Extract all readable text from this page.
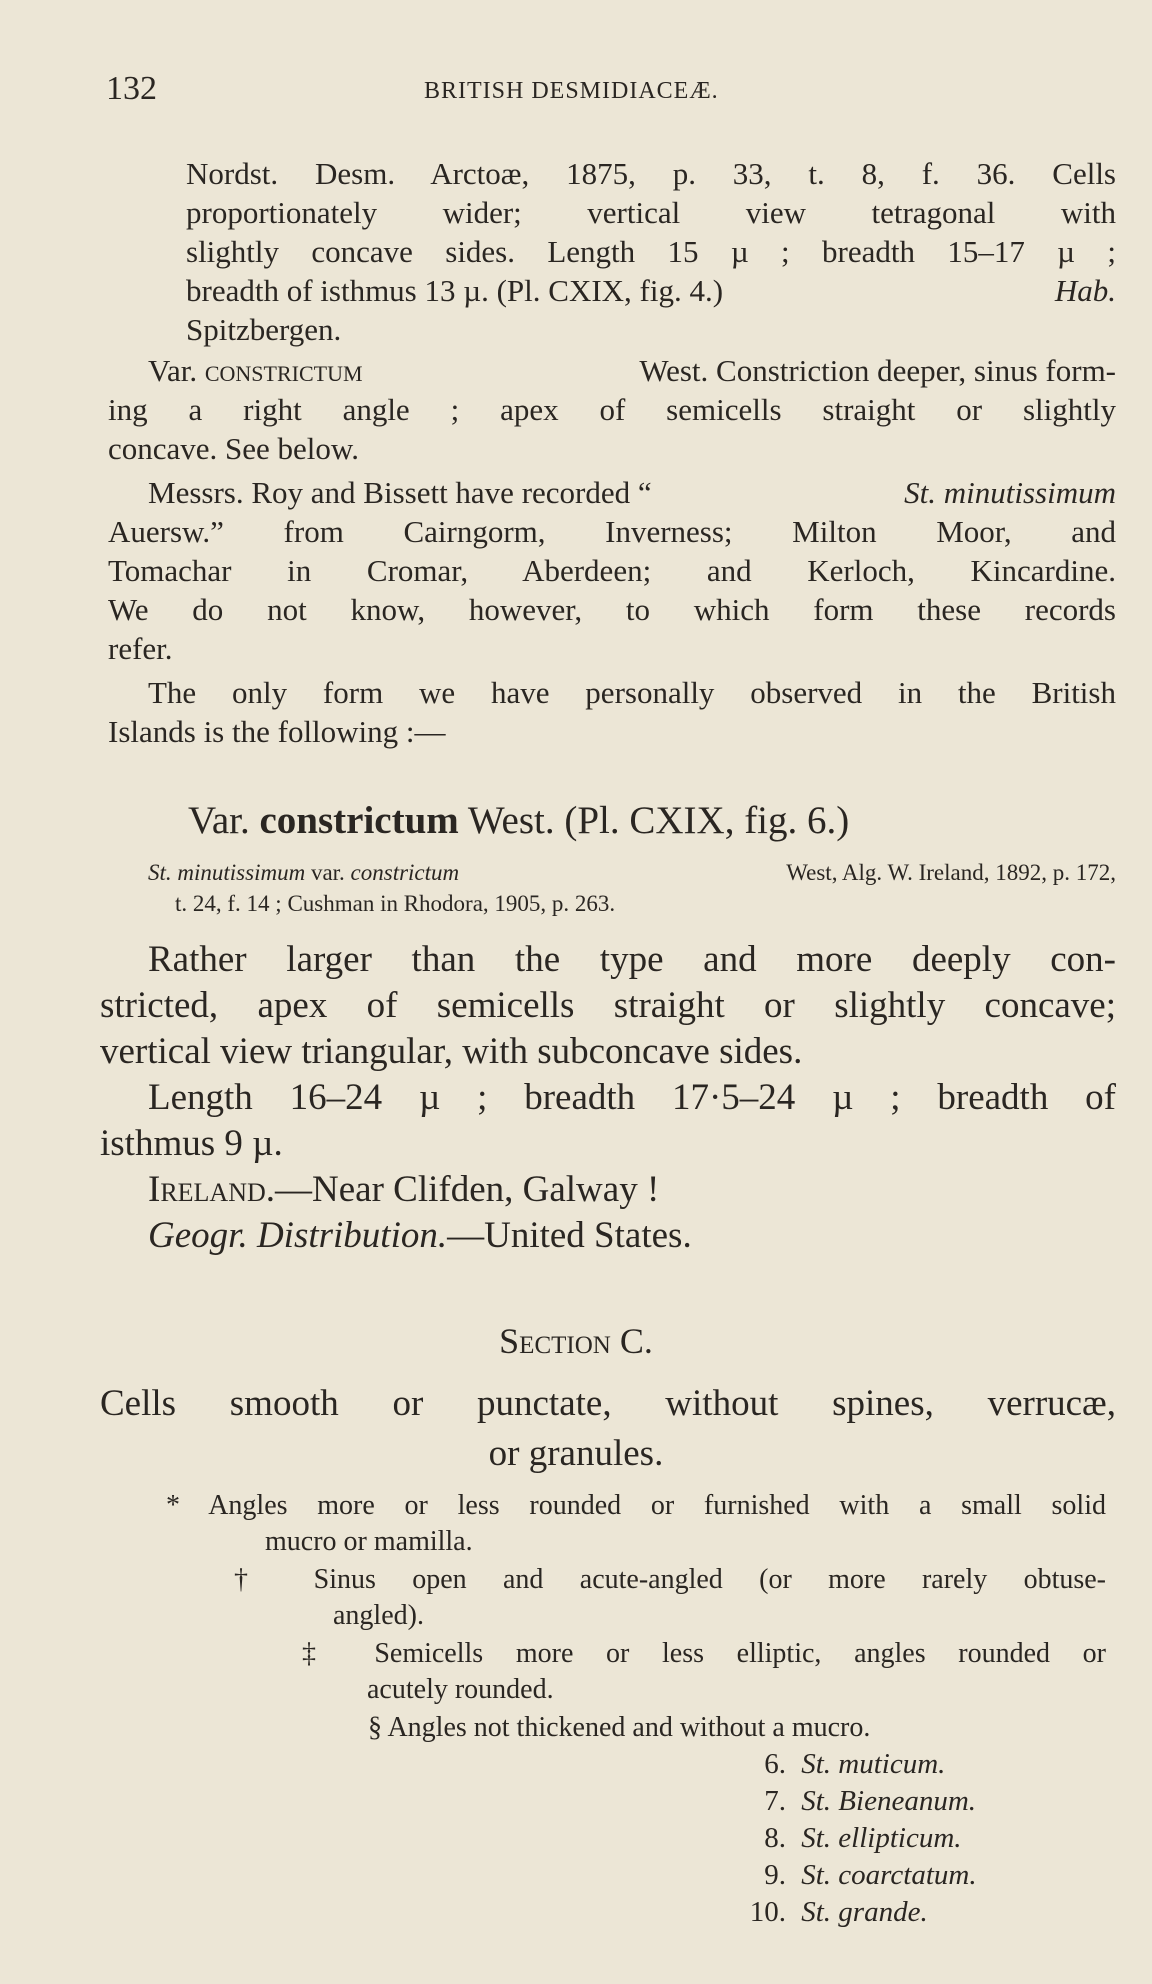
132	BRITISH DESMIDIACEÆ.
Nordst. Desm. Arctoæ, 1875, p. 33, t. 8, f. 36. Cells
proportionately wider; vertical view tetragonal with
slightly concave sides. Length 15 µ ; breadth 15–17 µ ;
breadth of isthmus 13 µ. (Pl. CXIX, fig. 4.)	Hab.
Spitzbergen.
Var. constrictum	West. Constriction deeper, sinus form-
ing a right angle ; apex of semicells straight or slightly
concave. See below.
Messrs. Roy and Bissett have recorded “	St. minutissimum
Auersw.” from Cairngorm, Inverness; Milton Moor, and
Tomachar in Cromar, Aberdeen; and Kerloch, Kincardine.
We do not know, however, to which form these records
refer.
The only form we have personally observed in the British
Islands is the following :—
Var. constrictum West. (Pl. CXIX, fig. 6.)
St. minutissimum var. constrictum	West, Alg. W. Ireland, 1892, p. 172,
t. 24, f. 14 ; Cushman in Rhodora, 1905, p. 263.
Rather larger than the type and more deeply con-
stricted, apex of semicells straight or slightly concave;
vertical view triangular, with subconcave sides.
Length 16–24 µ ; breadth 17·5–24 µ ; breadth of
isthmus 9 µ.
Ireland.—Near Clifden, Galway !
Geogr. Distribution.—United States.
Section C.
Cells smooth or punctate, without spines, verrucæ,
or granules.
* Angles more or less rounded or furnished with a small solid
mucro or mamilla.
† Sinus open and acute-angled (or more rarely obtuse-
angled).
‡ Semicells more or less elliptic, angles rounded or
acutely rounded.
§ Angles not thickened and without a mucro.
6. St. muticum.
7. St. Bieneanum.
8. St. ellipticum.
9. St. coarctatum.
10. St. grande.
